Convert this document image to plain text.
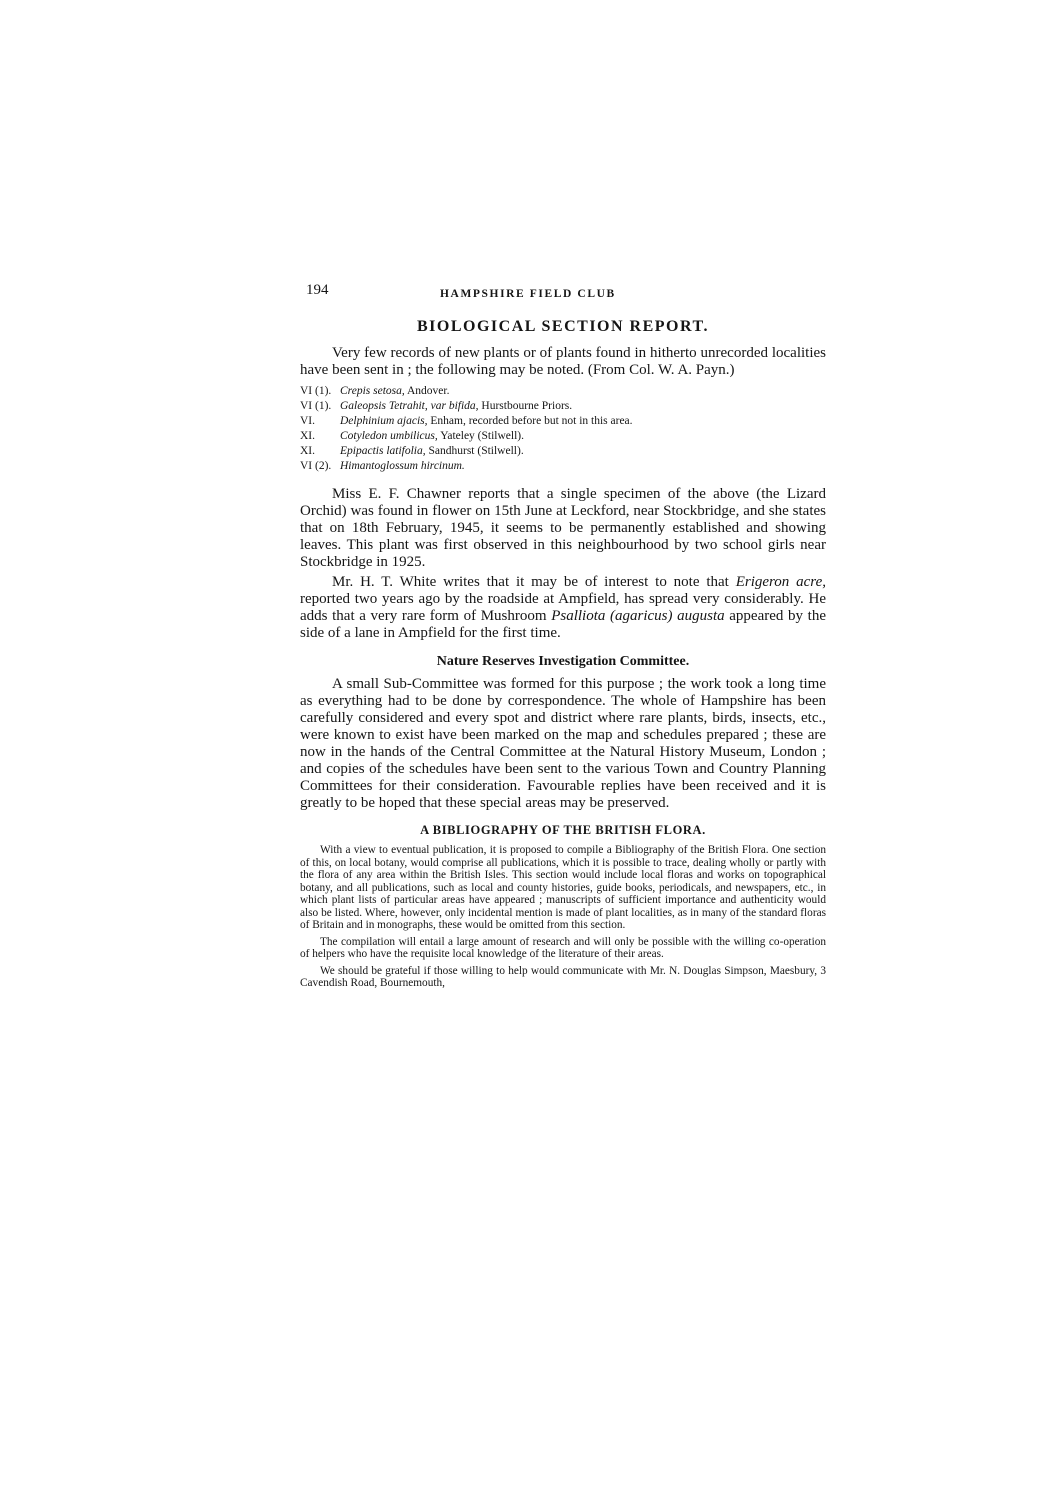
194	HAMPSHIRE FIELD CLUB
BIOLOGICAL SECTION REPORT.

Very few records of new plants or of plants found in hitherto unrecorded localities have been sent in ; the following may be noted. (From Col. W. A. Payn.)

VI (1). Crepis setosa, Andover.
VI (1). Galeopsis Tetrahit, var bifida, Hurstbourne Priors.
VI.	Delphinium ajacis, Enham, recorded before but not in this area.
XI.	Cotyledon umbilicus, Yateley (Stilwell).
XI.	Epipactis latifolia, Sandhurst (Stilwell).
VI (2). Himantoglossum hircinum.

Miss E. F. Chawner reports that a single specimen of the above (the Lizard Orchid) was found in flower on 15th June at Leckford, near Stockbridge, and she states that on 18th February, 1945, it seems to be permanently established and showing leaves. This plant was first observed in this neighbourhood by two school girls near Stockbridge in 1925.

Mr. H. T. White writes that it may be of interest to note that Erigeron acre, reported two years ago by the roadside at Ampfield, has spread very considerably. He adds that a very rare form of Mushroom Psalliota (agaricus) augusta appeared by the side of a lane in Ampfield for the first time.

Nature Reserves Investigation Committee.

A small Sub-Committee was formed for this purpose ; the work took a long time as everything had to be done by correspondence. The whole of Hampshire has been carefully considered and every spot and district where rare plants, birds, insects, etc., were known to exist have been marked on the map and schedules prepared ; these are now in the hands of the Central Committee at the Natural History Museum, London ; and copies of the schedules have been sent to the various Town and Country Planning Committees for their consideration. Favourable replies have been received and it is greatly to be hoped that these special areas may be preserved.

A BIBLIOGRAPHY OF THE BRITISH FLORA.

With a view to eventual publication, it is proposed to compile a Bibliography of the British Flora. One section of this, on local botany, would comprise all publications, which it is possible to trace, dealing wholly or partly with the flora of any area within the British Isles. This section would include local floras and works on topographical botany, and all publications, such as local and county histories, guide books, periodicals, and newspapers, etc., in which plant lists of particular areas have appeared ; manuscripts of sufficient importance and authenticity would also be listed. Where, however, only incidental mention is made of plant localities, as in many of the standard floras of Britain and in monographs, these would be omitted from this section.

The compilation will entail a large amount of research and will only be possible with the willing co-operation of helpers who have the requisite local knowledge of the literature of their areas.

We should be grateful if those willing to help would communicate with Mr. N. Douglas Simpson, Maesbury, 3 Cavendish Road, Bournemouth,
